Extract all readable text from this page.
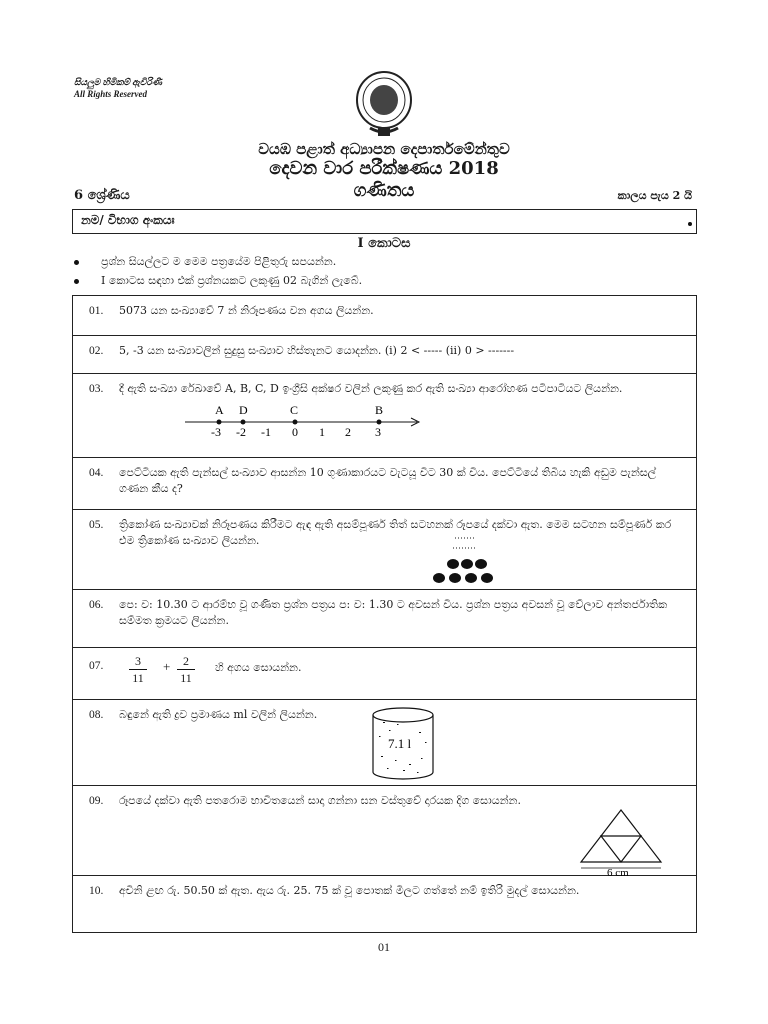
සියලුම හිමිකම් ඇවිරිණි
All Rights Reserved
වයඹ පළාත් අධ්‍යාපන දෙපාර්තමේන්තුව
දෙවන වාර පරීක්ෂණය 2018
ගණිතය
6 ශ්‍රේණිය	කාලය පැය 2 යි
නම/ විභාග අංකයඃ
I කොටස
ප්‍රශ්න සියල්ලට ම මෙම පත්‍රයේම පිළිතුරු සපයන්න.
I කොටස සඳහා එක් ප්‍රශ්නයකට ලකුණු 02 බැගින් ලැබේ.
01. 5073 යන සංඛ්‍යාවේ 7 න් නිරූපණය වන අගය ලියන්න.
02. 5, -3 යන සංඛ්‍යාවලින් සුදුසු සංඛ්‍යාව හිස්තැනට යොදන්න. (i) 2 < ----- (ii) 0 > -------
03. දී ඇති සංඛ්‍යා රේඛාවේ A, B, C, D ඉංග්‍රීසි අක්ෂර වලින් ලකුණු කර ඇති සංඛ්‍යා ආරෝහණ පටිපාටියට ලියන්න.
A D	C	B
-3 -2 -1 0 1 2 3
04. පෙට්ටියක ඇති පැන්සල් සංඛ්‍යාව ආසන්න 10 ගුණාකාරයට වැටයූ විට 30 ක් විය. පෙට්ටියේ තිබිය හැකි අඩුම පැන්සල් ගණන කීය ද?
05. ත්‍රිකෝණ සංඛ්‍යාවක් නිරූපණය කිරීමට ඇඳ ඇති අසම්පූර්ණ තිත් සටහනක් රූපයේ දක්වා ඇත. මෙම සටහන සම්පූර්ණ කර එම ත්‍රිකෝණ සංඛ්‍යාව ලියන්න.
06. පෙ: ව: 10.30 ට ආරම්භ වූ ගණිත ප්‍රශ්න පත්‍රය ප: ව: 1.30 ට අවසන් විය. ප්‍රශ්න පත්‍රය අවසන් වූ වේලාව අන්තර්ජාතික සම්මත ක්‍රමයට ලියන්න.
07. $\frac{3}{11} + \frac{2}{11}$ හි අගය සොයන්න.
08. බඳුනේ ඇති ද්‍රව ප්‍රමාණය ml වලින් ලියන්න.
7.1 l
09. රූපයේ දක්වා ඇති පතරොම භාවිතයෙන් සාදා ගන්නා ඝන වස්තුවේ දාරයක දිග සොයන්න.
6 cm
10. අචිනි ළඟ රු. 50.50 ක් ඇත. ඇය රු. 25. 75 ක් වූ පොතක් මිලට ගත්තේ නම් ඉතිරි මුදල් සොයන්න.
01
